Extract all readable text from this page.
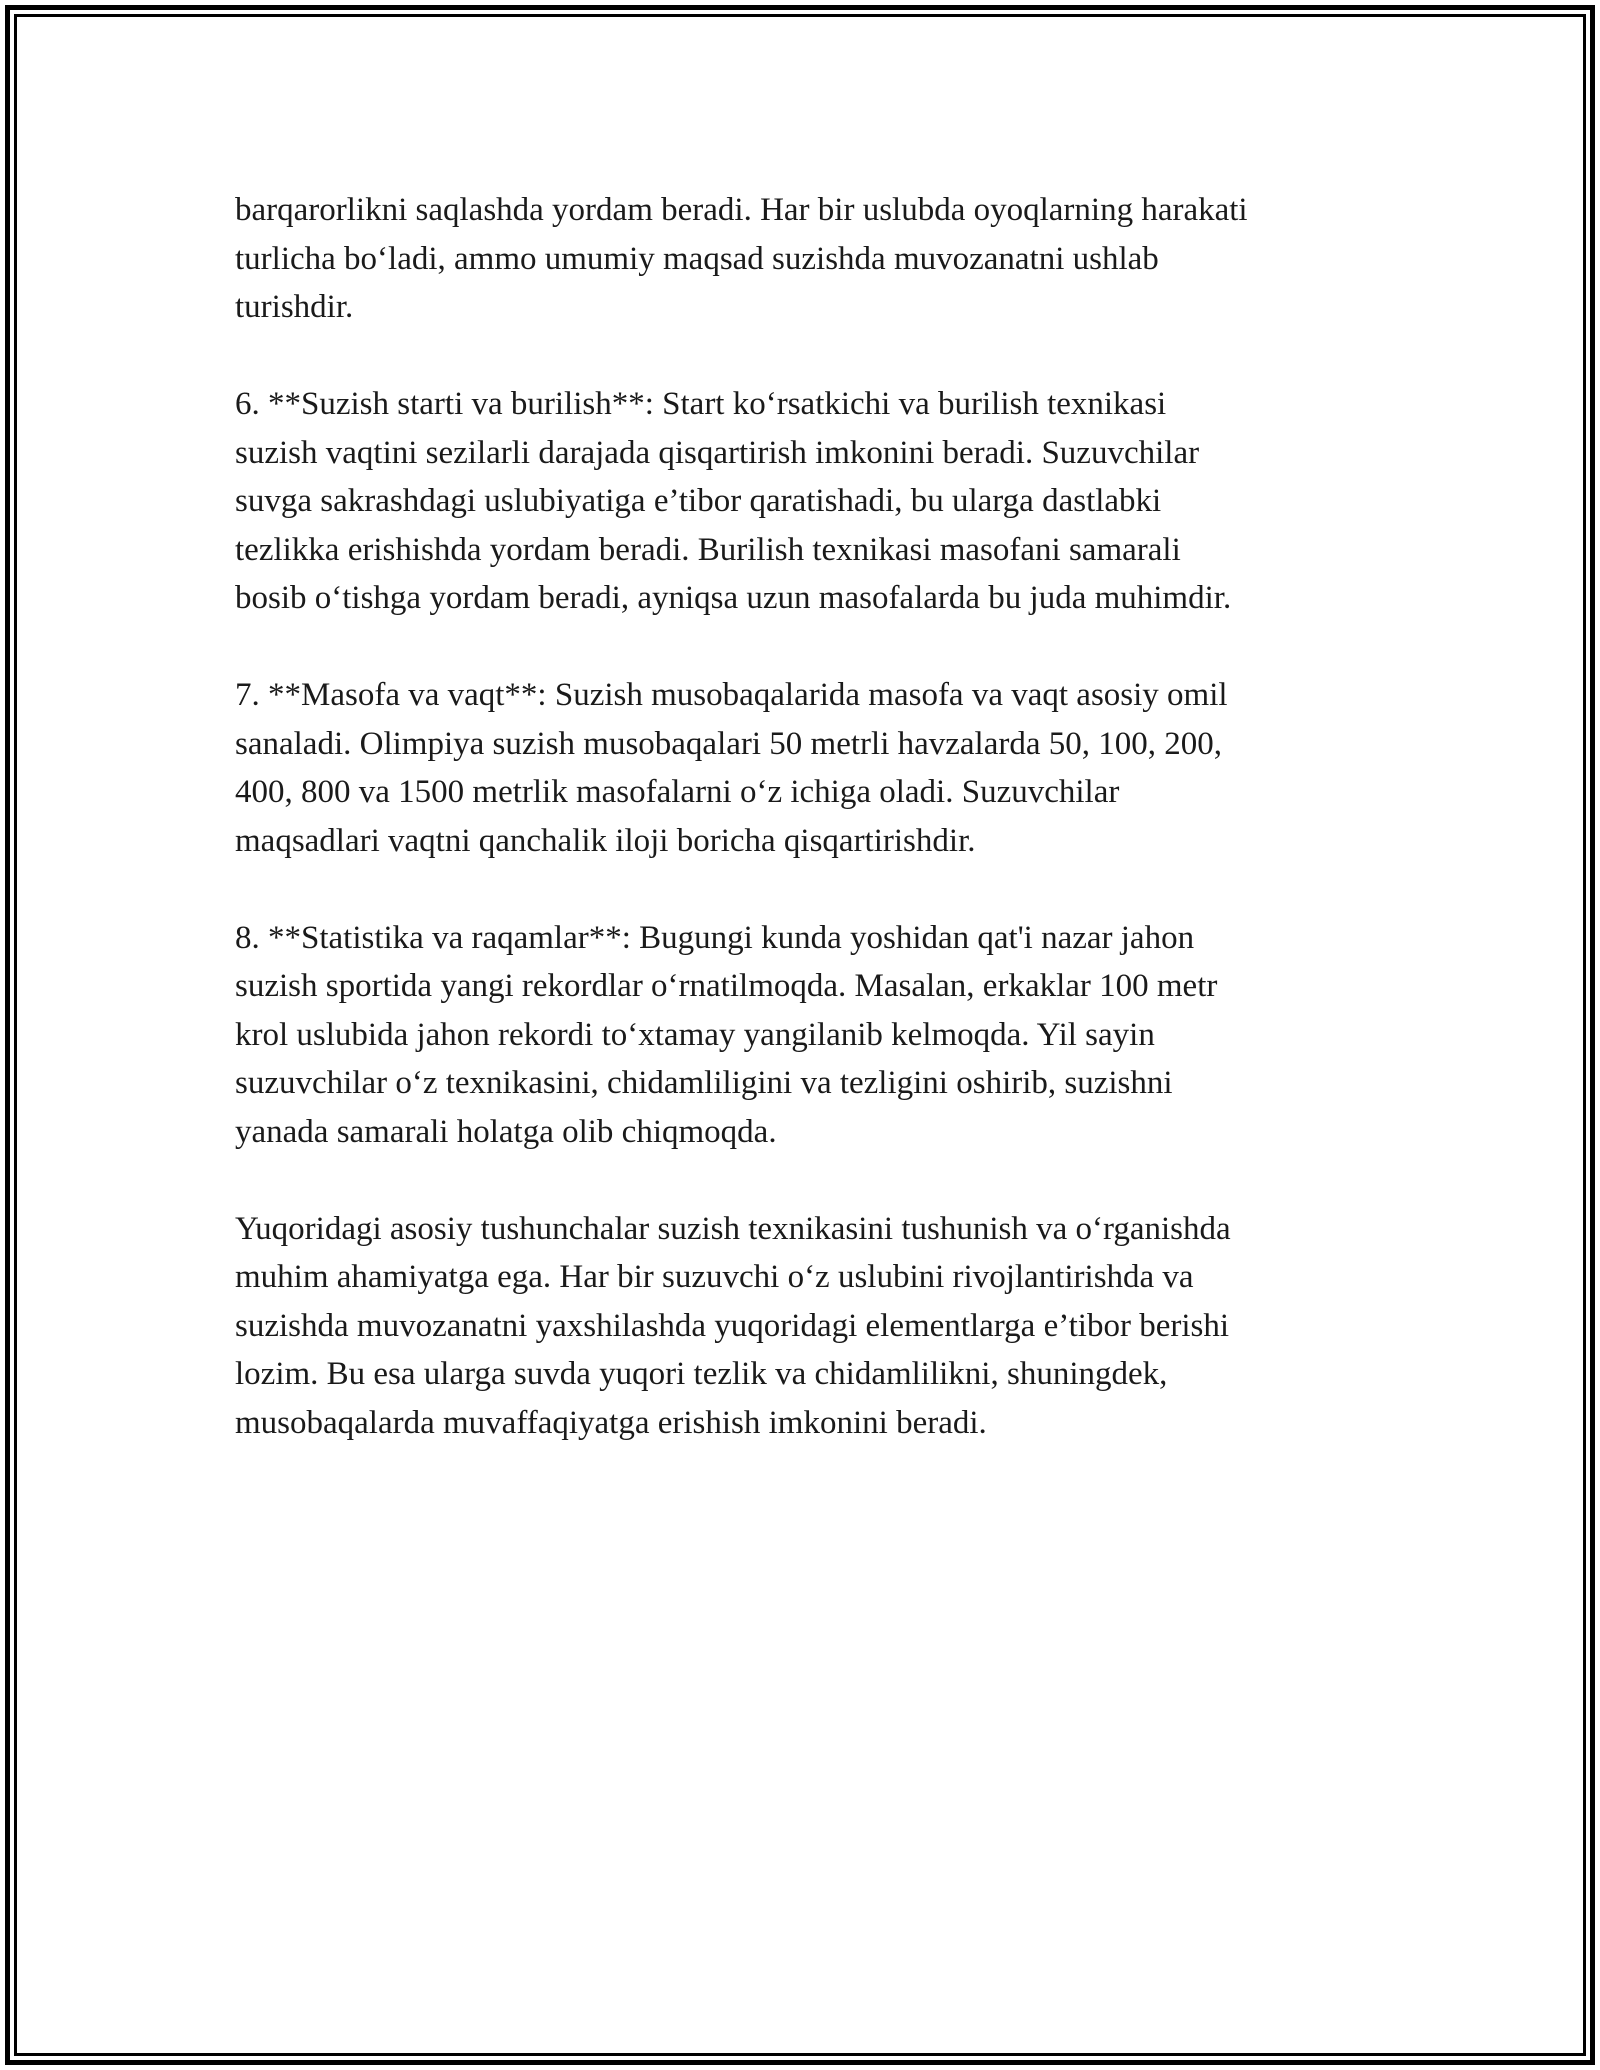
barqarorlikni saqlashda yordam beradi. Har bir uslubda oyoqlarning harakati
turlicha bo‘ladi, ammo umumiy maqsad suzishda muvozanatni ushlab
turishdir.

6. **Suzish starti va burilish**: Start ko‘rsatkichi va burilish texnikasi
suzish vaqtini sezilarli darajada qisqartirish imkonini beradi. Suzuvchilar
suvga sakrashdagi uslubiyatiga e’tibor qaratishadi, bu ularga dastlabki
tezlikka erishishda yordam beradi. Burilish texnikasi masofani samarali
bosib o‘tishga yordam beradi, ayniqsa uzun masofalarda bu juda muhimdir.

7. **Masofa va vaqt**: Suzish musobaqalarida masofa va vaqt asosiy omil
sanaladi. Olimpiya suzish musobaqalari 50 metrli havzalarda 50, 100, 200,
400, 800 va 1500 metrlik masofalarni o‘z ichiga oladi. Suzuvchilar
maqsadlari vaqtni qanchalik iloji boricha qisqartirishdir.

8. **Statistika va raqamlar**: Bugungi kunda yoshidan qat'i nazar jahon
suzish sportida yangi rekordlar o‘rnatilmoqda. Masalan, erkaklar 100 metr
krol uslubida jahon rekordi to‘xtamay yangilanib kelmoqda. Yil sayin
suzuvchilar o‘z texnikasini, chidamliligini va tezligini oshirib, suzishni
yanada samarali holatga olib chiqmoqda.

Yuqoridagi asosiy tushunchalar suzish texnikasini tushunish va o‘rganishda
muhim ahamiyatga ega. Har bir suzuvchi o‘z uslubini rivojlantirishda va
suzishda muvozanatni yaxshilashda yuqoridagi elementlarga e’tibor berishi
lozim. Bu esa ularga suvda yuqori tezlik va chidamlilikni, shuningdek,
musobaqalarda muvaffaqiyatga erishish imkonini beradi.
